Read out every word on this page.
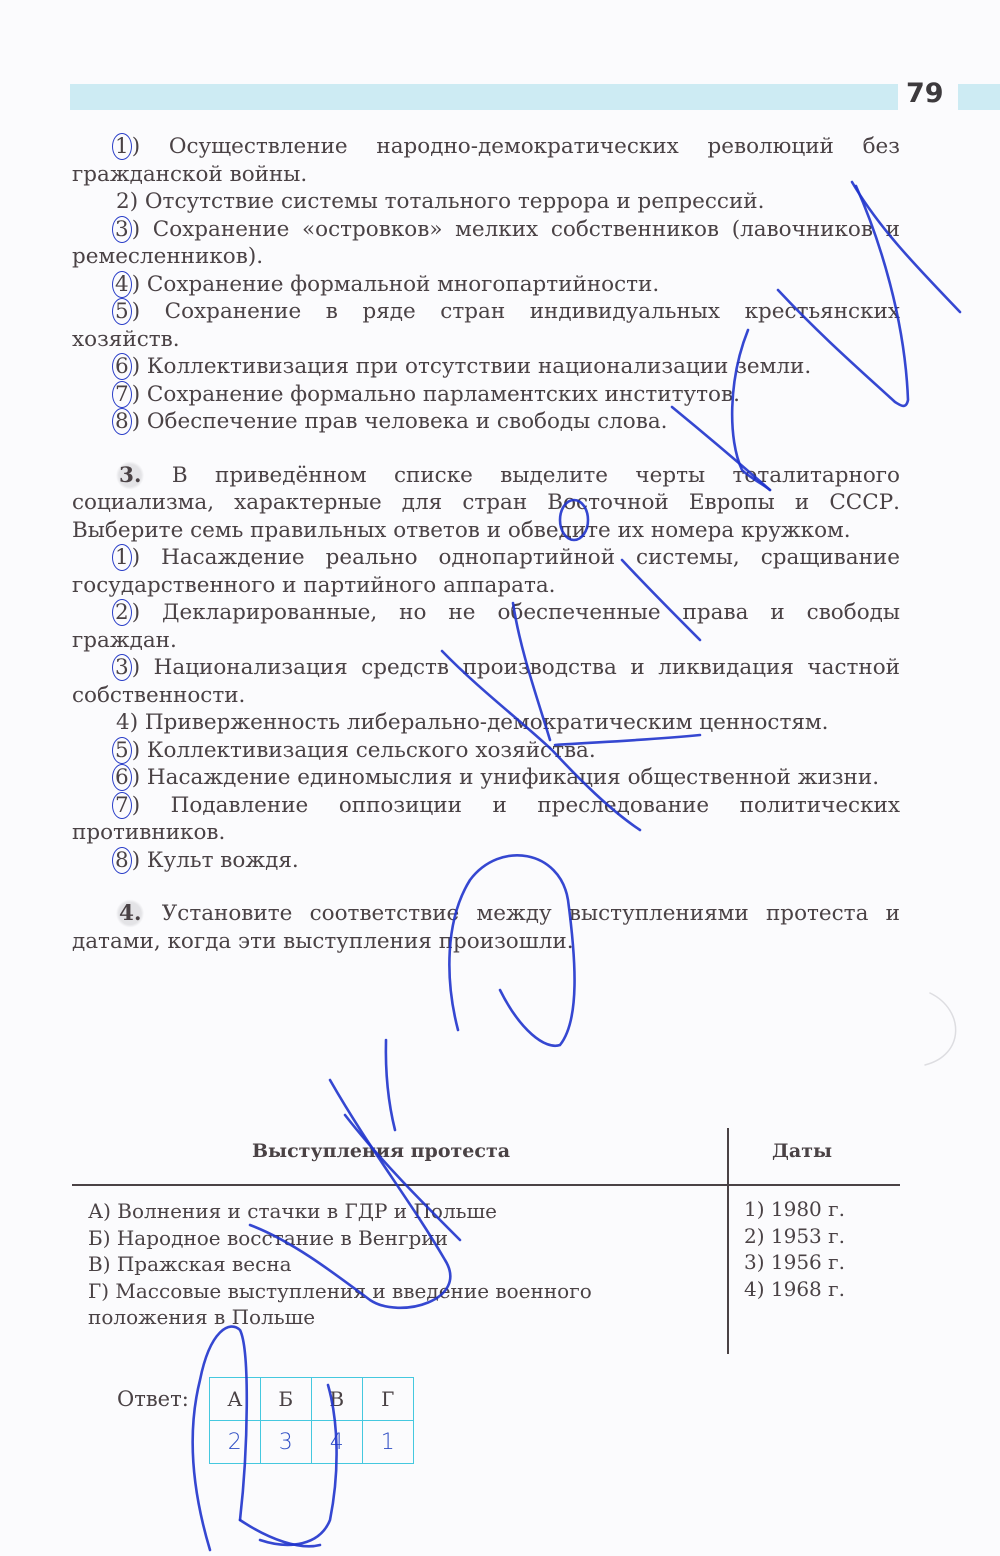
79

1 ) Осуществление народно-демократических революций без гражданской войны.

2) Отсутствие системы тотального террора и репрессий.

3 ) Сохранение «островков» мелких собственников (лавочников и ремесленников).

4 ) Сохранение формальной многопартийности.

5 ) Сохранение в ряде стран индивидуальных крестьянских хозяйств.

6 ) Коллективизация при отсутствии национализации земли.

7 ) Сохранение формально парламентских институтов.

8 ) Обеспечение прав человека и свободы слова.

3. В приведённом списке выделите черты тоталитарного социализма, характерные для стран Восточной Европы и СССР. Выберите семь правильных ответов и обведите их номера кружком.

1 ) Насаждение реально однопартийной системы, сращивание государственного и партийного аппарата.

2 ) Декларированные, но не обеспеченные права и свободы граждан.

3 ) Национализация средств производства и ликвидация частной собственности.

4) Приверженность либерально-демократическим ценностям.

5 ) Коллективизация сельского хозяйства.

6 ) Насаждение единомыслия и унификация общественной жизни.

7 ) Подавление оппозиции и преследование политических противников.

8 ) Культ вождя.

4. Установите соответствие между выступлениями протеста и датами, когда эти выступления произошли.

Выступления протеста	Даты
А) Волнения и стачки в ГДР и Польше
Б) Народное восстание в Венгрии
В) Пражская весна
Г) Массовые выступления и введение военного положения в Польше
1) 1980 г.
2) 1953 г.
3) 1956 г.
4) 1968 г.
Ответ: А	Б	В	Г
2	3	4	1
